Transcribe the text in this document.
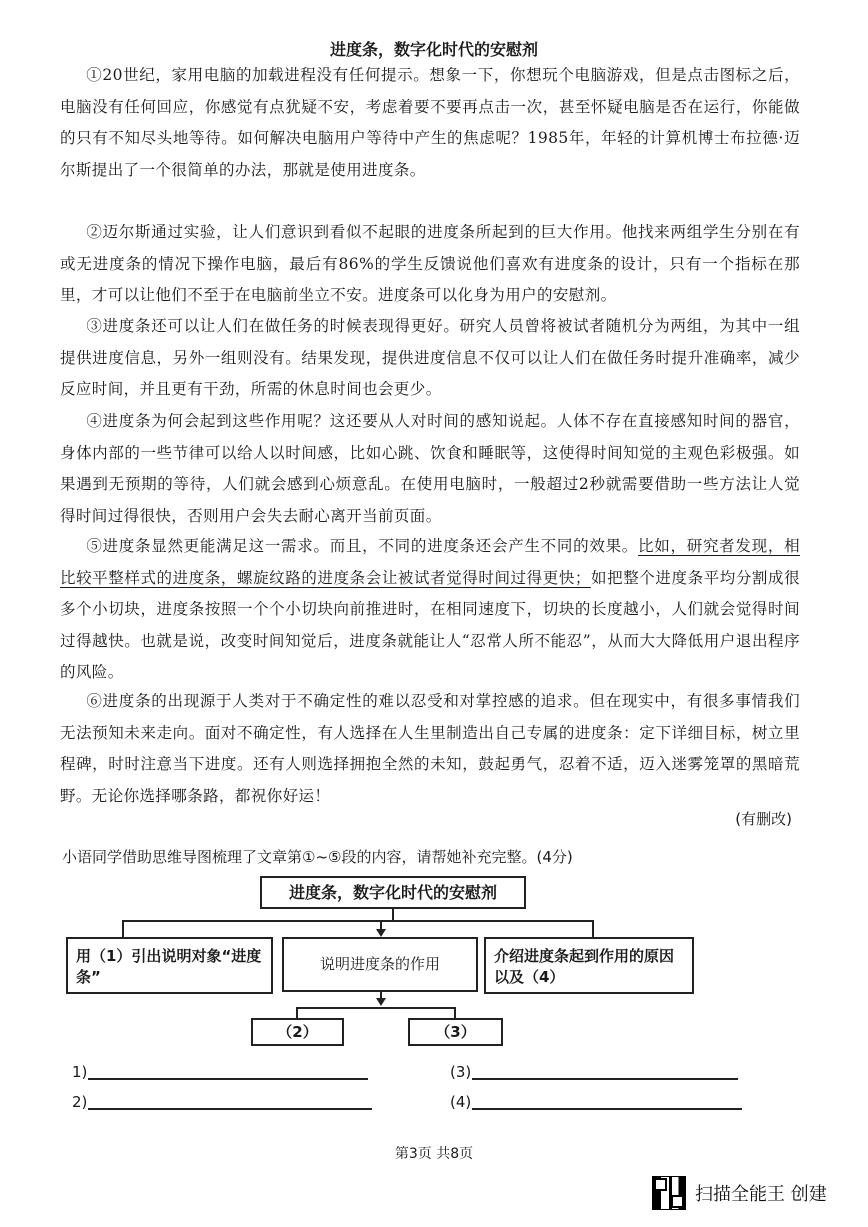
进度条，数字化时代的安慰剂
①20世纪，家用电脑的加载进程没有任何提示。想象一下，你想玩个电脑游戏，但是点击图标之后，电脑没有任何回应，你感觉有点犹疑不安，考虑着要不要再点击一次，甚至怀疑电脑是否在运行，你能做的只有不知尽头地等待。如何解决电脑用户等待中产生的焦虑呢？1985年，年轻的计算机博士布拉德·迈尔斯提出了一个很简单的办法，那就是使用进度条。
②迈尔斯通过实验，让人们意识到看似不起眼的进度条所起到的巨大作用。他找来两组学生分别在有或无进度条的情况下操作电脑，最后有86%的学生反馈说他们喜欢有进度条的设计，只有一个指标在那里，才可以让他们不至于在电脑前坐立不安。进度条可以化身为用户的安慰剂。
③进度条还可以让人们在做任务的时候表现得更好。研究人员曾将被试者随机分为两组，为其中一组提供进度信息，另外一组则没有。结果发现，提供进度信息不仅可以让人们在做任务时提升准确率，减少反应时间，并且更有干劲，所需的休息时间也会更少。
④进度条为何会起到这些作用呢？这还要从人对时间的感知说起。人体不存在直接感知时间的器官，身体内部的一些节律可以给人以时间感，比如心跳、饮食和睡眠等，这使得时间知觉的主观色彩极强。如果遇到无预期的等待，人们就会感到心烦意乱。在使用电脑时，一般超过2秒就需要借助一些方法让人觉得时间过得很快，否则用户会失去耐心离开当前页面。
⑤进度条显然更能满足这一需求。而且，不同的进度条还会产生不同的效果。比如，研究者发现，相比较平整样式的进度条，螺旋纹路的进度条会让被试者觉得时间过得更快；如把整个进度条平均分割成很多个小切块，进度条按照一个个小切块向前推进时，在相同速度下，切块的长度越小，人们就会觉得时间过得越快。也就是说，改变时间知觉后，进度条就能让人“忍常人所不能忍”，从而大大降低用户退出程序的风险。
⑥进度条的出现源于人类对于不确定性的难以忍受和对掌控感的追求。但在现实中，有很多事情我们无法预知未来走向。面对不确定性，有人选择在人生里制造出自己专属的进度条：定下详细目标，树立里程碑，时时注意当下进度。还有人则选择拥抱全然的未知，鼓起勇气，忍着不适，迈入迷雾笼罩的黑暗荒野。无论你选择哪条路，都祝你好运！
(有删改)
小语同学借助思维导图梳理了文章第①~⑤段的内容，请帮她补充完整。(4分)
进度条，数字化时代的安慰剂
用（1）引出说明对象“进度条”
说明进度条的作用	介绍进度条起到作用的原因以及（4）
（2）	（3）
1)	(3)
2)	(4)
第3页 共8页
扫描全能王 创建
